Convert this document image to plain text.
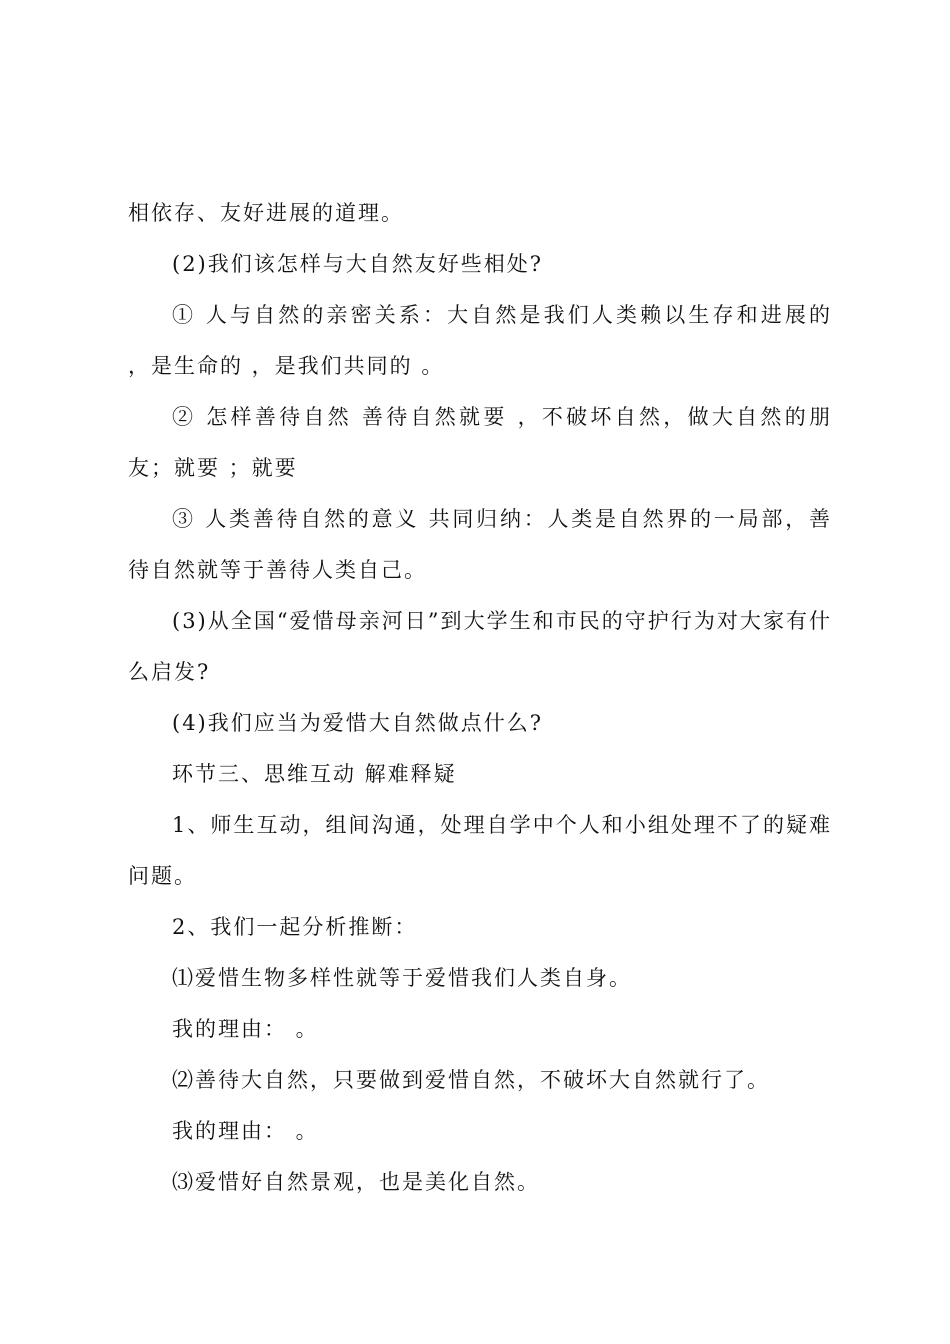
相依存、友好进展的道理。

(2)我们该怎样与大自然友好些相处?

① 人与自然的亲密关系：大自然是我们人类赖以生存和进展的 ，是生命的 ，是我们共同的 。

② 怎样善待自然 善待自然就要 ，不破坏自然，做大自然的朋友；就要 ；就要

③ 人类善待自然的意义 共同归纳：人类是自然界的一局部，善待自然就等于善待人类自己。

(3)从全国“爱惜母亲河日”到大学生和市民的守护行为对大家有什么启发?

(4)我们应当为爱惜大自然做点什么?

环节三、思维互动 解难释疑

1、师生互动，组间沟通，处理自学中个人和小组处理不了的疑难问题。

2、我们一起分析推断：

⑴爱惜生物多样性就等于爱惜我们人类自身。

我的理由： 。

⑵善待大自然，只要做到爱惜自然，不破坏大自然就行了。

我的理由： 。

⑶爱惜好自然景观，也是美化自然。
